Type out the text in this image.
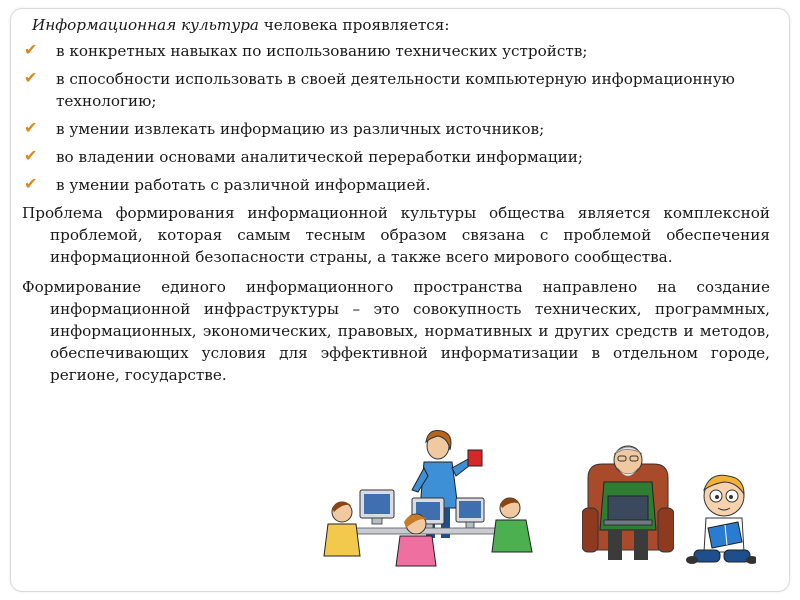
Информационная культура человека проявляется:

✔ в конкретных навыках по использованию технических устройств;
✔ в способности использовать в своей деятельности компьютерную информационную технологию;
✔ в умении извлекать информацию из различных источников;
✔ во владении основами аналитической переработки информации;
✔ в умении работать с различной информацией.

Проблема формирования информационной культуры общества является комплексной проблемой, которая самым тесным образом связана с проблемой обеспечения информационной безопасности страны, а также всего мирового сообщества.

Формирование единого информационного пространства направлено на создание информационной инфраструктуры – это совокупность технических, программных, информационных, экономических, правовых, нормативных и других средств и методов, обеспечивающих условия для эффективной информатизации в отдельном городе, регионе, государстве.
